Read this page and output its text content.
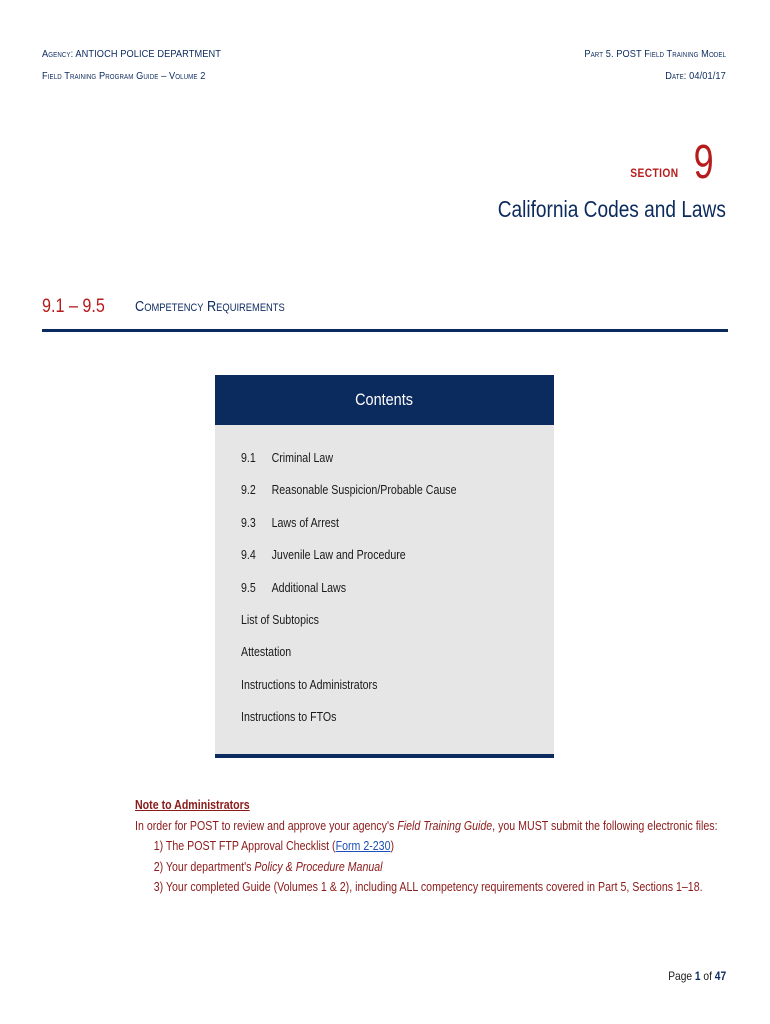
Agency: ANTIOCH POLICE DEPARTMENT
Field Training Program Guide – Volume 2
Part 5. POST Field Training Model
Date: 04/01/17
SECTION 9
California Codes and Laws
9.1 – 9.5 Competency Requirements
Contents
9.1	Criminal Law
9.2	Reasonable Suspicion/Probable Cause
9.3	Laws of Arrest
9.4	Juvenile Law and Procedure
9.5	Additional Laws
List of Subtopics
Attestation
Instructions to Administrators
Instructions to FTOs
Note to Administrators
In order for POST to review and approve your agency's Field Training Guide, you MUST submit the following electronic files:
1) The POST FTP Approval Checklist (Form 2-230)
2) Your department's Policy & Procedure Manual
3) Your completed Guide (Volumes 1 & 2), including ALL competency requirements covered in Part 5, Sections 1–18.
Page 1 of 47
